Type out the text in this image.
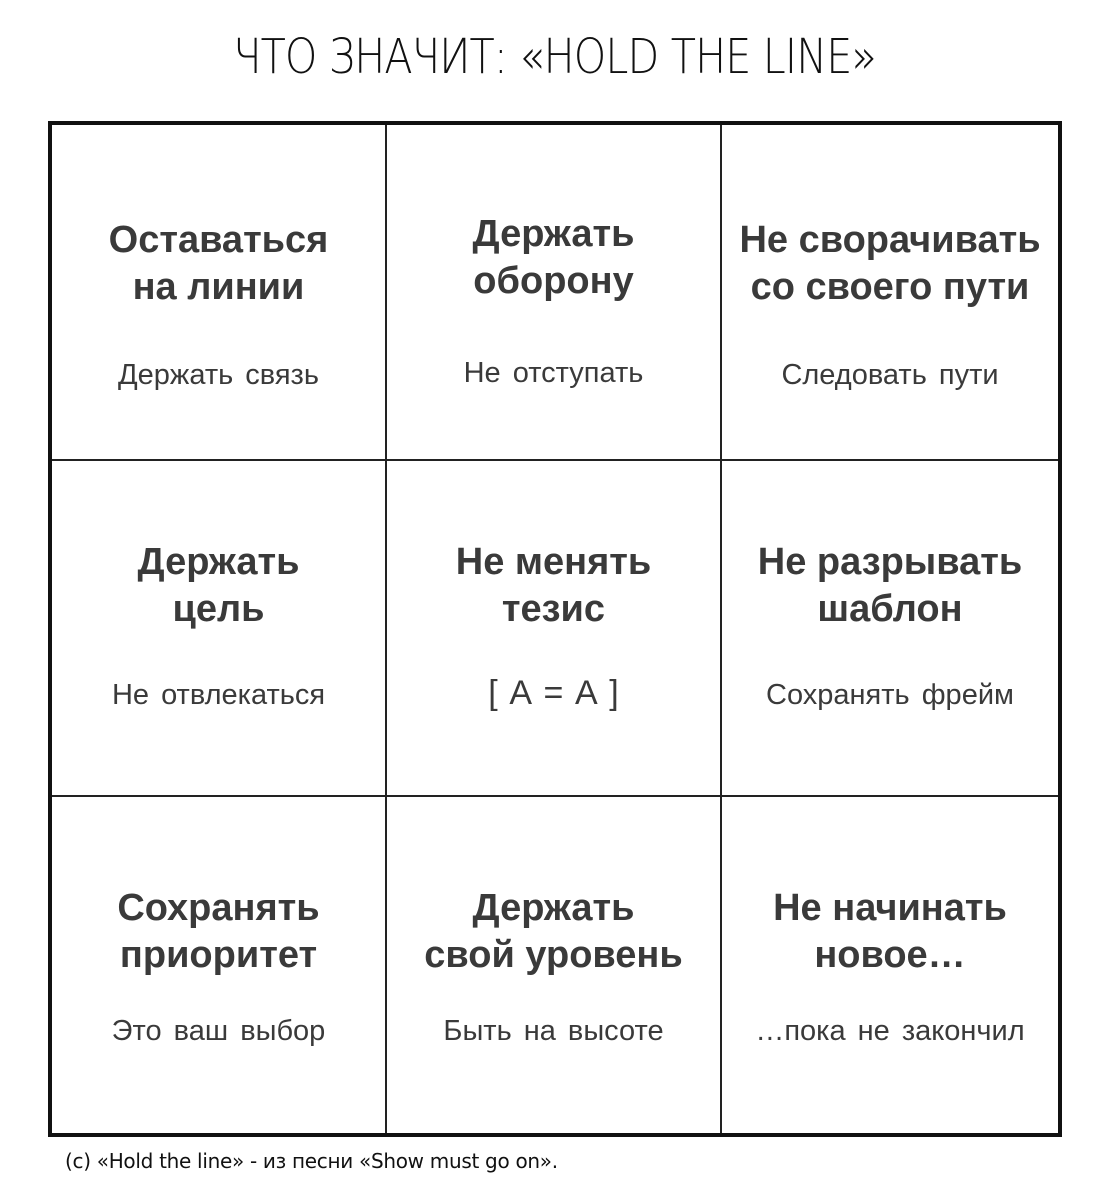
ЧТО ЗНАЧИТ: «HOLD THE LINE»
Оставаться
на линии
Держать связь
Держать
оборону
Не отступать
Не сворачивать
со своего пути
Следовать пути
Держать
цель
Не отвлекаться
Не менять
тезис
[ A = A ]
Не разрывать
шаблон
Сохранять фрейм
Сохранять
приоритет
Это ваш выбор
Держать
свой уровень
Быть на высоте
Не начинать
новое…
…пока не закончил
(c) «Hold the line» - из песни «Show must go on».
